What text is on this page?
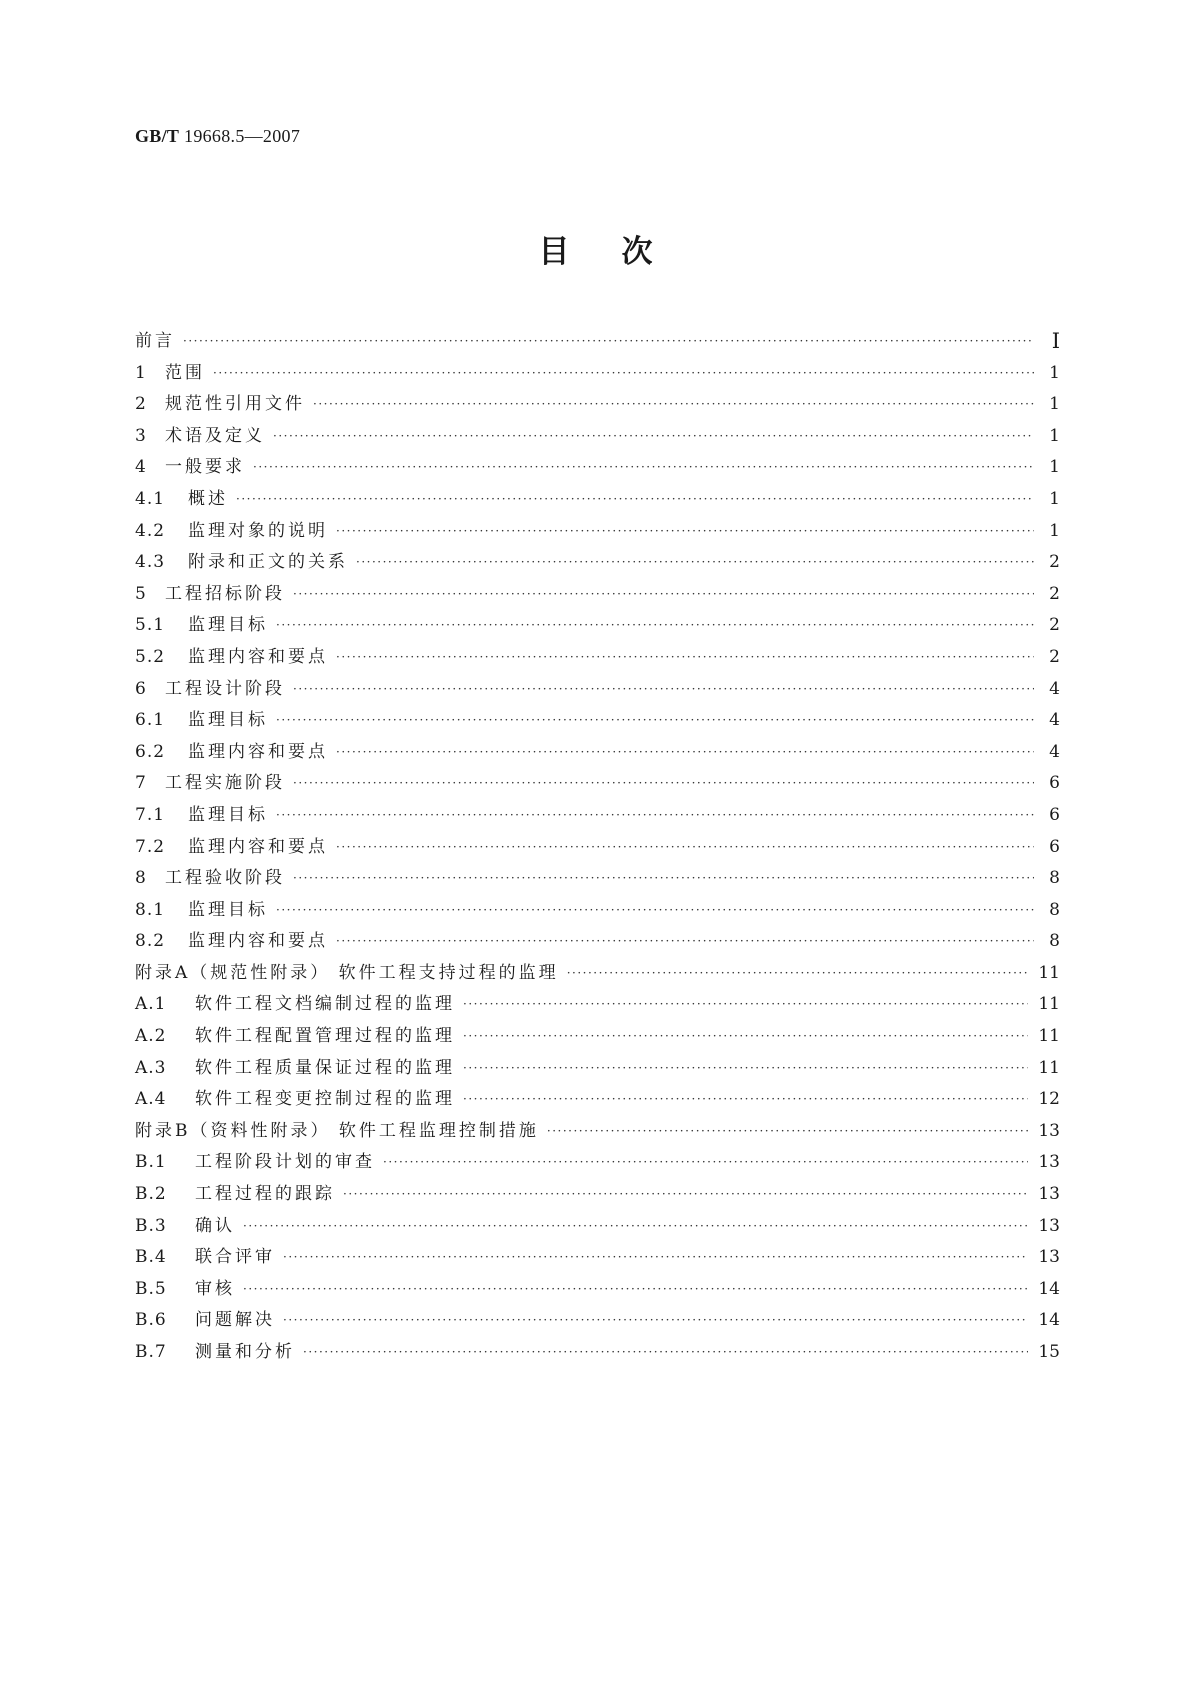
GB/T 19668.5—2007
目次
前言 ·····	I
1	范围 ·····	1
2	规范性引用文件 ·····	1
3	术语及定义 ·····	1
4	一般要求 ·····	1
4.1	概述 ·····	1
4.2	监理对象的说明 ·····	1
4.3	附录和正文的关系 ·····	2
5	工程招标阶段 ·····	2
5.1	监理目标 ·····	2
5.2	监理内容和要点 ·····	2
6	工程设计阶段 ·····	4
6.1	监理目标 ·····	4
6.2	监理内容和要点 ·····	4
7	工程实施阶段 ·····	6
7.1	监理目标 ·····	6
7.2	监理内容和要点 ·····	6
8	工程验收阶段 ·····	8
8.1	监理目标 ·····	8
8.2	监理内容和要点 ·····	8
附录A（规范性附录） 软件工程支持过程的监理 ·····	11
A.1	软件工程文档编制过程的监理 ·····	11
A.2	软件工程配置管理过程的监理 ·····	11
A.3	软件工程质量保证过程的监理 ·····	11
A.4	软件工程变更控制过程的监理 ·····	12
附录B（资料性附录） 软件工程监理控制措施 ·····	13
B.1	工程阶段计划的审查 ·····	13
B.2	工程过程的跟踪 ·····	13
B.3	确认 ·····	13
B.4	联合评审 ·····	13
B.5	审核 ·····	14
B.6	问题解决 ·····	14
B.7	测量和分析 ·····	15
